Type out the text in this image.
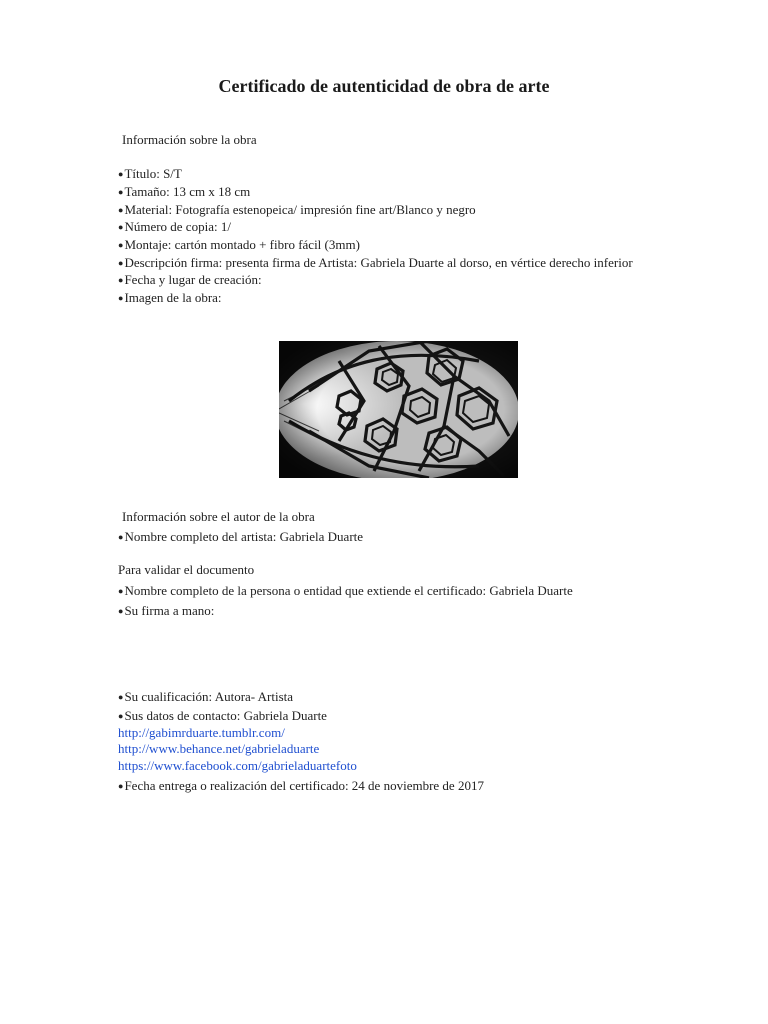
Certificado de autenticidad de obra de arte

Información sobre la obra

●Título: S/T

●Tamaño: 13 cm x 18 cm

●Material: Fotografía estenopeica/ impresión fine art/Blanco y negro

●Número de copia: 1/

●Montaje: cartón montado + fibro fácil (3mm)

●Descripción firma: presenta firma de Artista: Gabriela Duarte al dorso, en vértice derecho inferior

●Fecha y lugar de creación:

●Imagen de la obra:

Información sobre el autor de la obra

●Nombre completo del artista: Gabriela Duarte

Para validar el documento

●Nombre completo de la persona o entidad que extiende el certificado: Gabriela Duarte

●Su firma a mano:

●Su cualificación: Autora- Artista

●Sus datos de contacto: Gabriela Duarte

http://gabimrduarte.tumblr.com/

http://www.behance.net/gabrieladuarte

https://www.facebook.com/gabrieladuartefoto

●Fecha entrega o realización del certificado: 24 de noviembre de 2017
